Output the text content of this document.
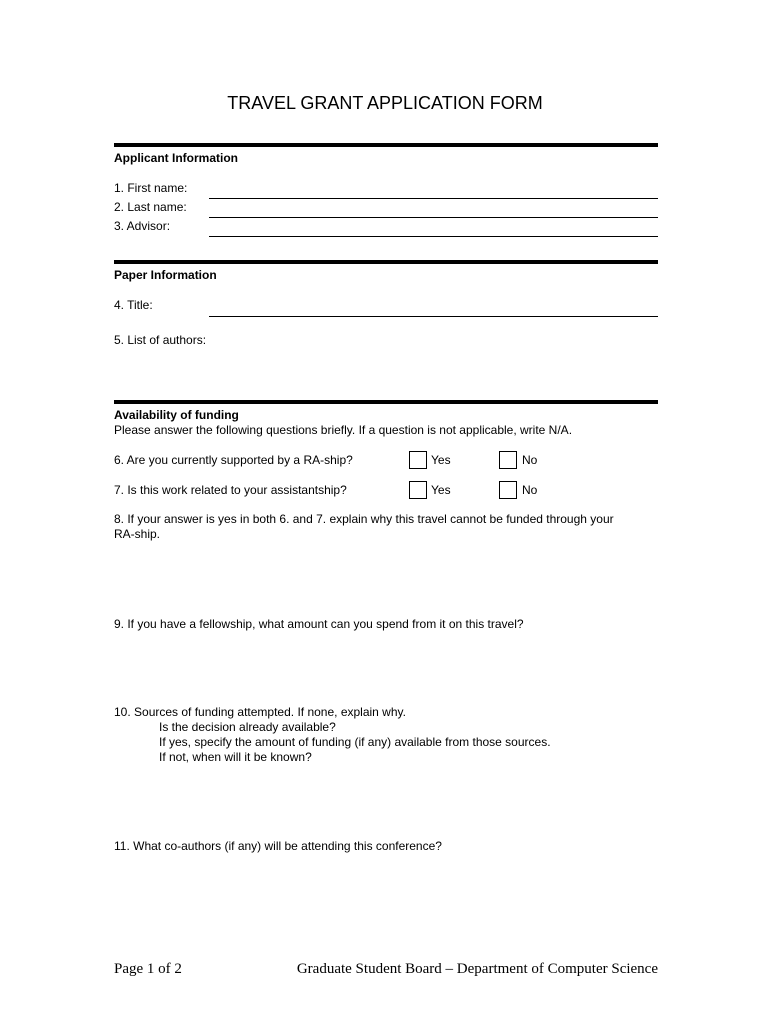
TRAVEL GRANT APPLICATION FORM
Applicant Information
1. First name:
2. Last name:
3. Advisor:
Paper Information
4. Title:
5. List of authors:
Availability of funding
Please answer the following questions briefly. If a question is not applicable, write N/A.
6. Are you currently supported by a RA-ship?	Yes	No
7. Is this work related to your assistantship?	Yes	No
8. If your answer is yes in both 6. and 7. explain why this travel cannot be funded through your
RA-ship.
9. If you have a fellowship, what amount can you spend from it on this travel?
10. Sources of funding attempted. If none, explain why.
Is the decision already available?
If yes, specify the amount of funding (if any) available from those sources.
If not, when will it be known?
11. What co-authors (if any) will be attending this conference?
Page 1 of 2	Graduate Student Board – Department of Computer Science
